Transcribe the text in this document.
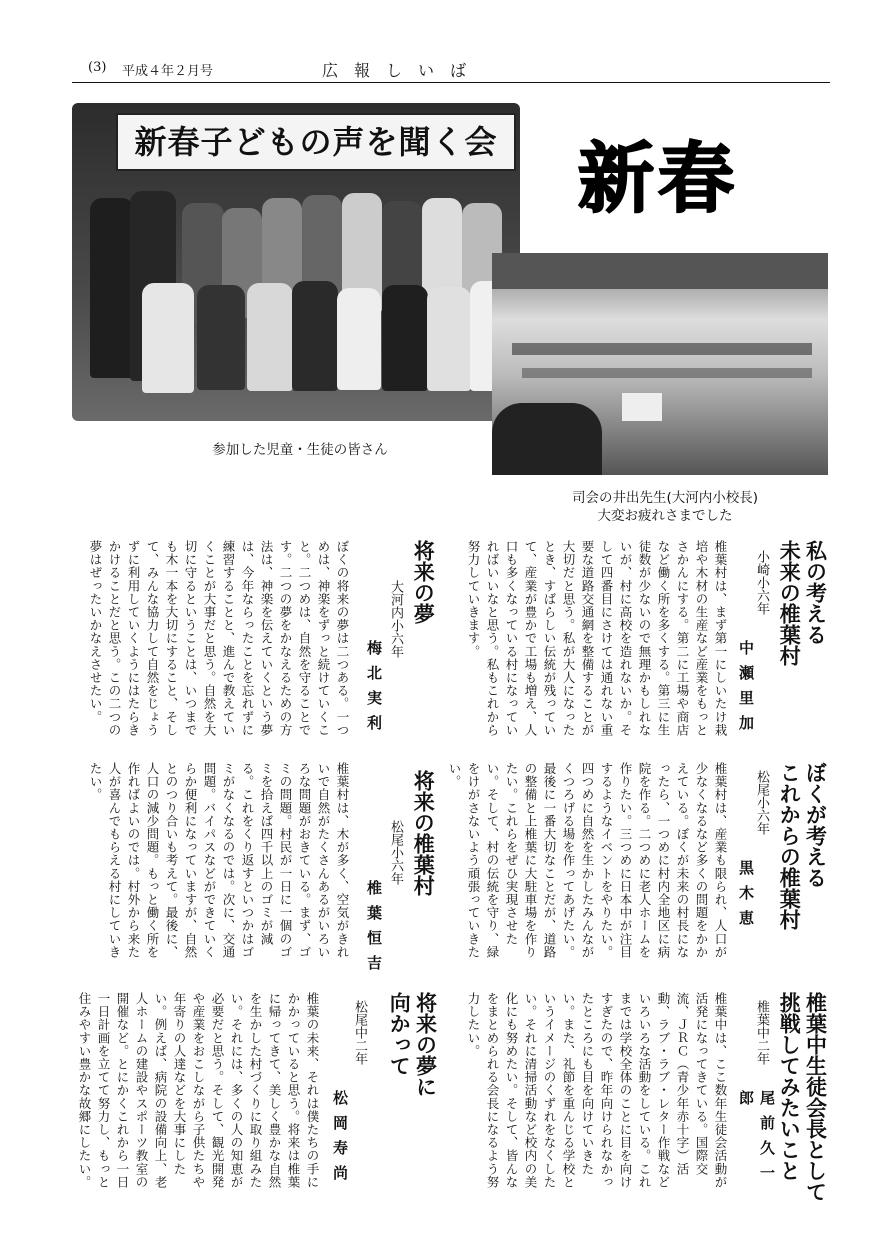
(3) 平成４年２月号	広報しいば
新春子どもの声を聞く会
参加した児童・生徒の皆さん
新春
司会の井出先生(大河内小校長)
大変お疲れさまでした
私の考える
未来の椎葉村
小崎小六年
中瀬里加
椎葉村は、まず第一にしいたけ栽培や木材の生産など産業をもっとさかんにする。第二に工場や商店など働く所を多くする。第三に生徒数が少ないので無理かもしれないが、村に高校を造れないか。そして四番目にさけては通れない重要な道路交通網を整備することが大切だと思う。私が大人になったとき、すばらしい伝統が残っていて、産業が豊かで工場も増え、人口も多くなっている村になっていればいいなと思う。私もこれから努力していきます。
将来の夢
大河内小六年
梅北実利
ぼくの将来の夢は二つある。一つめは、神楽をずっと続けていくこと。二つめは、自然を守ることです。二つの夢をかなえるための方法は、神楽を伝えていくという夢は、今年ならったことを忘れずに練習することと、進んで教えていくことが大事だと思う。自然を大切に守るということは、いつまでも木一本を大切にすること、そして、みんな協力して自然をじょうずに利用していくようにはたらきかけることだと思う。この二つの夢はぜったいかなえさせたい。
ぼくが考える
これからの椎葉村
松尾小六年
黒木恵
椎葉村は、産業も限られ、人口が少なくなるなど多くの問題をかかえている。ぼくが未来の村長になったら、一つめに村内全地区に病院を作る。二つめに老人ホームを作りたい。三つめに日本中が注目するようなイベントをやりたい。四つめに自然を生かしたみんながくつろげる場を作ってあげたい。最後に一番大切なことだが、道路の整備と上椎葉に大駐車場を作りたい。これらをぜひ実現させたい。そして、村の伝統を守り、緑をけがさないよう頑張っていきたい。
将来の椎葉村
松尾小六年
椎葉恒吉
椎葉村は、木が多く、空気がきれいで自然がたくさんあるがいろいろな問題がおきている。まず、ゴミの問題。村民が一日に一個のゴミを拾えば四千以上のゴミが減る。これをくり返すといつかはゴミがなくなるのでは。次に、交通問題。バイパスなどができていくらか便利になっていますが、自然とのつり合いも考えて。最後に、人口の減少問題。もっと働く所を作ればよいのでは。村外から来た人が喜んでもらえる村にしていきたい。
椎葉中生徒会長として
挑戦してみたいこと
椎葉中二年
尾前久一郎
椎葉中は、ここ数年生徒会活動が活発になってきている。国際交流、ＪＲＣ（青少年赤十字）活動、ラブ・ラブ・レター作戦などいろいろな活動をしている。これまでは学校全体のことに目を向けすぎたので、昨年向けられなかったところにも目を向けていきたい。また、礼節を重んじる学校というイメージのくずれをなくしたい。それに清掃活動など校内の美化にも努めたい。そして、皆んなをまとめられる会長になるよう努力したい。
将来の夢に
向かって
松尾中二年
松岡寿尚
椎葉の未来、それは僕たちの手にかかっていると思う。将来は椎葉に帰ってきて、美しく豊かな自然を生かした村づくりに取り組みたい。それには、多くの人の知恵が必要だと思う。そして、観光開発や産業をおこしながら子供たちや年寄りの人達などを大事にしたい。例えば、病院の設備向上、老人ホームの建設やスポーツ教室の開催など。とにかくこれから一日一日計画を立てて努力し、もっと住みやすい豊かな故郷にしたい。
